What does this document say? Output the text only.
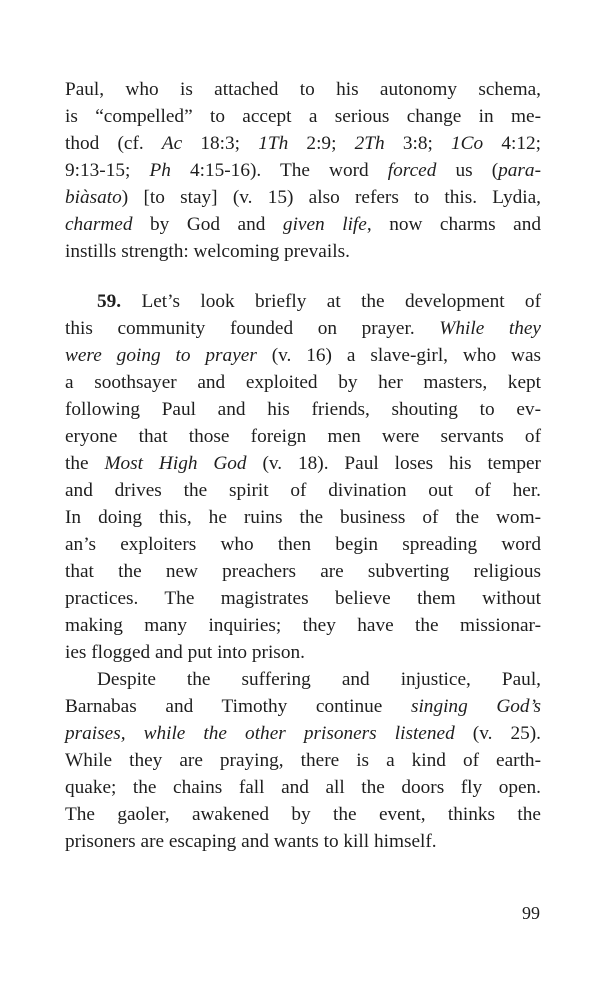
Paul, who is attached to his autonomy schema,
is “compelled” to accept a serious change in me-
thod (cf. Ac 18:3; 1Th 2:9; 2Th 3:8; 1Co 4:12;
9:13-15; Ph 4:15-16). The word forced us (para-
biàsato) [to stay] (v. 15) also refers to this. Lydia,
charmed by God and given life, now charms and
instills strength: welcoming prevails.
59. Let’s look briefly at the development of
this community founded on prayer. While they
were going to prayer (v. 16) a slave-girl, who was
a soothsayer and exploited by her masters, kept
following Paul and his friends, shouting to ev-
eryone that those foreign men were servants of
the Most High God (v. 18). Paul loses his temper
and drives the spirit of divination out of her.
In doing this, he ruins the business of the wom-
an’s exploiters who then begin spreading word
that the new preachers are subverting religious
practices. The magistrates believe them without
making many inquiries; they have the missionar-
ies flogged and put into prison.
Despite the suffering and injustice, Paul,
Barnabas and Timothy continue singing God’s
praises, while the other prisoners listened (v. 25).
While they are praying, there is a kind of earth-
quake; the chains fall and all the doors fly open.
The gaoler, awakened by the event, thinks the
prisoners are escaping and wants to kill himself.
99
